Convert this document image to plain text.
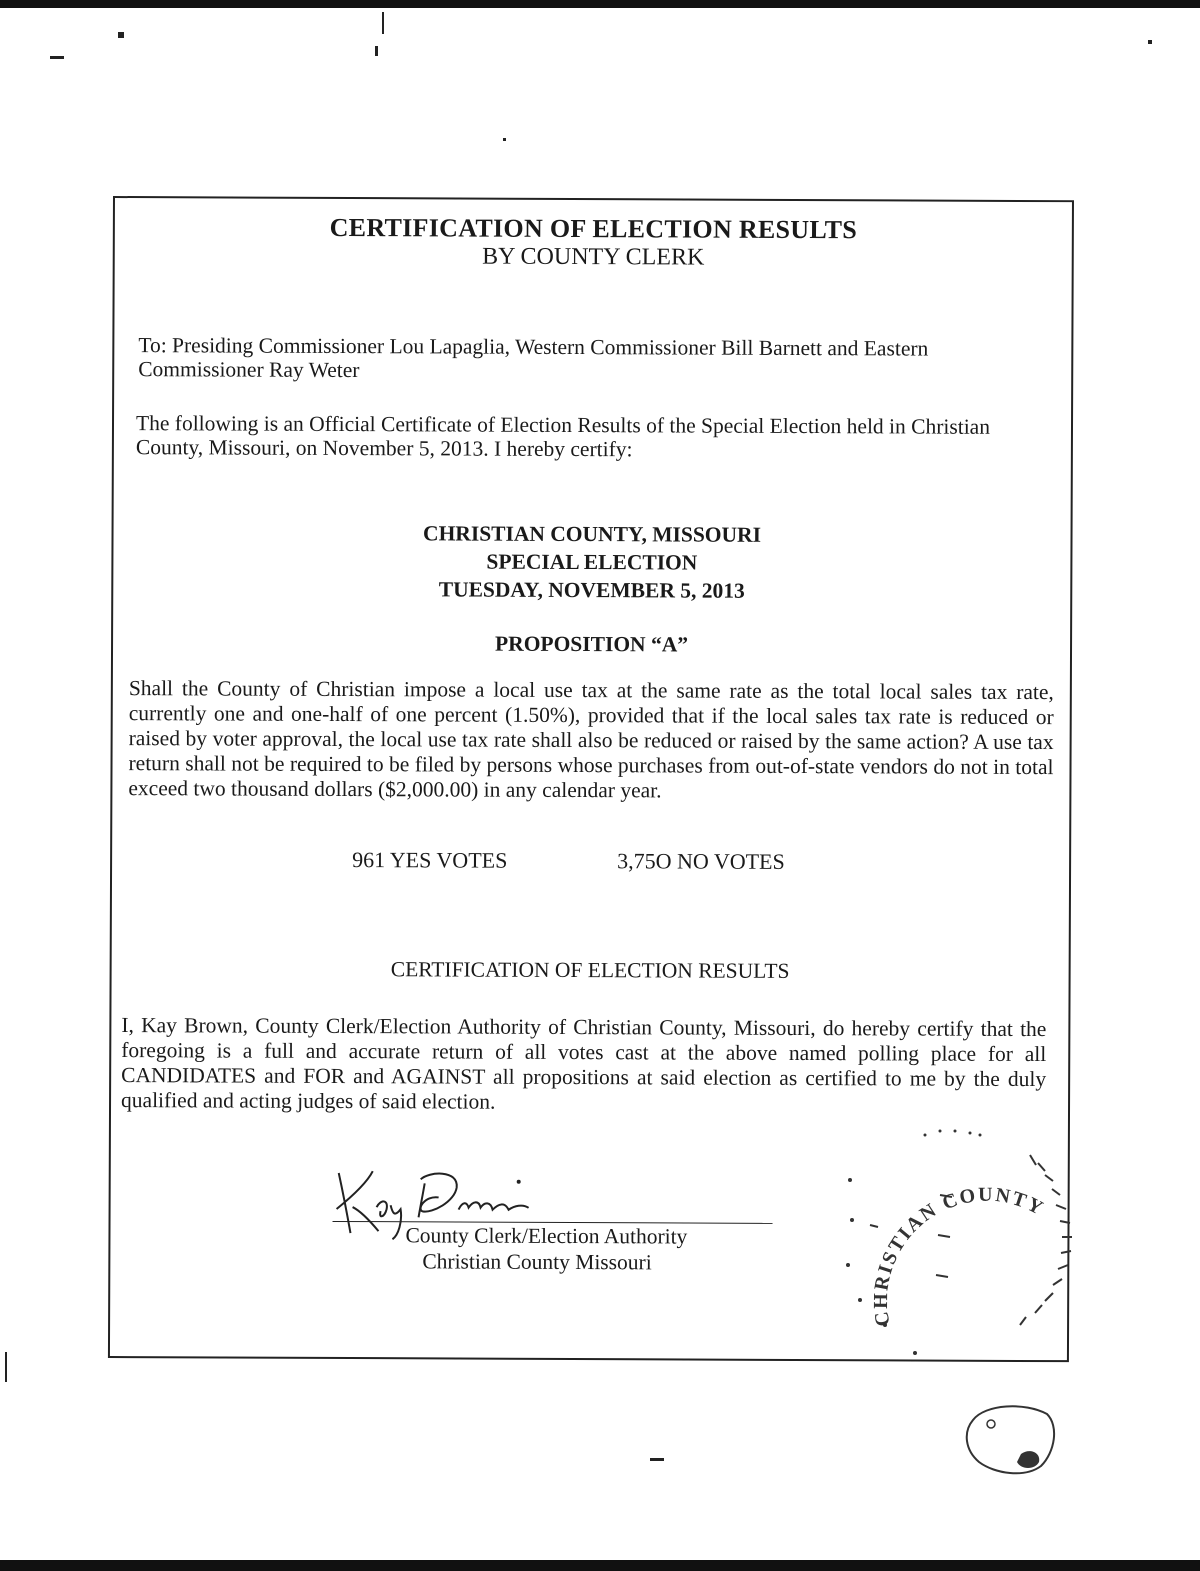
CERTIFICATION OF ELECTION RESULTS
BY COUNTY CLERK
To: Presiding Commissioner Lou Lapaglia, Western Commissioner Bill Barnett and Eastern Commissioner Ray Weter
The following is an Official Certificate of Election Results of the Special Election held in Christian County, Missouri, on November 5, 2013. I hereby certify:
CHRISTIAN COUNTY, MISSOURI
SPECIAL ELECTION
TUESDAY, NOVEMBER 5, 2013
PROPOSITION “A”
Shall the County of Christian impose a local use tax at the same rate as the total local sales tax rate, currently one and one-half of one percent (1.50%), provided that if the local sales tax rate is reduced or raised by voter approval, the local use tax rate shall also be reduced or raised by the same action? A use tax return shall not be required to be filed by persons whose purchases from out-of-state vendors do not in total exceed two thousand dollars ($2,000.00) in any calendar year.
961 YES VOTES	3,75O NO VOTES
CERTIFICATION OF ELECTION RESULTS
I, Kay Brown, County Clerk/Election Authority of Christian County, Missouri, do hereby certify that the foregoing is a full and accurate return of all votes cast at the above named polling place for all CANDIDATES and FOR and AGAINST all propositions at said election as certified to me by the duly qualified and acting judges of said election.
County Clerk/Election Authority
Christian County Missouri
CHRISTIAN COUNTY
